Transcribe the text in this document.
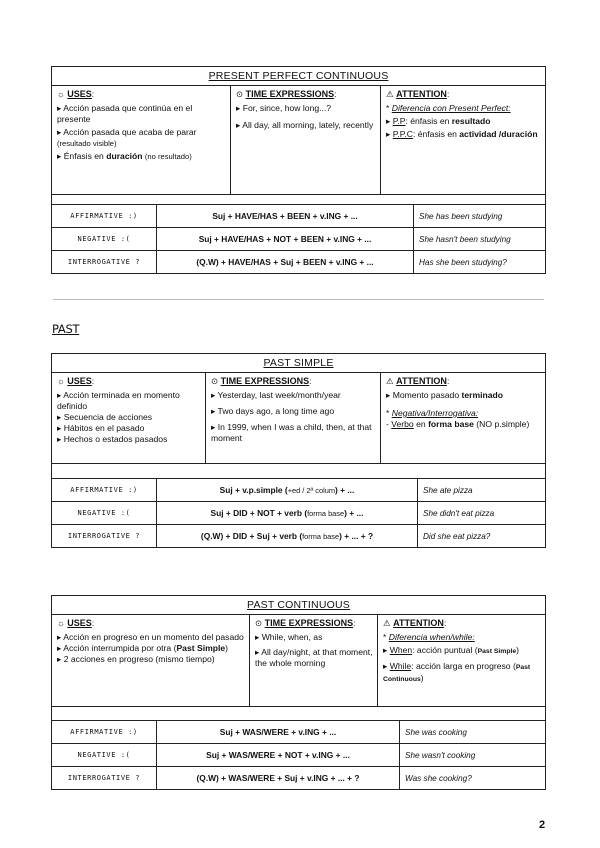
PRESENT PERFECT CONTINUOUS
☼ USES:

▸ Acción pasada que continúa en el presente

▸ Acción pasada que acaba de parar

(resultado visible)

▸ Énfasis en duración (no resultado)

⊙ TIME EXPRESSIONS:

▸ For, since, how long...?

▸ All day, all morning, lately, recently

⚠ ATTENTION:

* Diferencia con Present Perfect:

▸ P.P: énfasis en resultado

▸ P.P.C: énfasis en actividad /duración

AFFIRMATIVE :)	Suj + HAVE/HAS + BEEN + v.ING + ...	She has been studying
NEGATIVE :(	Suj + HAVE/HAS + NOT + BEEN + v.ING + ...	She hasn't been studying
INTERROGATIVE ?	(Q.W) + HAVE/HAS + Suj + BEEN + v.ING + ...	Has she been studying?
PAST
PAST SIMPLE
☼ USES:

▸ Acción terminada en momento definido

▸ Secuencia de acciones

▸ Hábitos en el pasado

▸ Hechos o estados pasados

⊙ TIME EXPRESSIONS:

▸ Yesterday, last week/month/year

▸ Two days ago, a long time ago

▸ In 1999, when I was a child, then, at that moment

⚠ ATTENTION:

▸ Momento pasado terminado

* Negativa/Interrogativa:

- Verbo en forma base (NO p.simple)

AFFIRMATIVE :)	Suj + v.p.simple ( +ed / 2ª colum ) + ...	She ate pizza
NEGATIVE :(	Suj + DID + NOT + verb ( forma base ) + ...	She didn't eat pizza
INTERROGATIVE ?	(Q.W) + DID + Suj + verb ( forma base ) + ... + ?	Did she eat pizza?
PAST CONTINUOUS
☼ USES:

▸ Acción en progreso en un momento del pasado

▸ Acción interrumpida por otra (Past Simple)

▸ 2 acciones en progreso (mismo tiempo)

⊙ TIME EXPRESSIONS:

▸ While, when, as

▸ All day/night, at that moment, the whole morning

⚠ ATTENTION:

* Diferencia when/while:

▸ When: acción puntual (Past Simple)

▸ While: acción larga en progreso (Past Continuous)

AFFIRMATIVE :)	Suj + WAS/WERE + v.ING + ...	She was cooking
NEGATIVE :(	Suj + WAS/WERE + NOT + v.ING + ...	She wasn't cooking
INTERROGATIVE ?	(Q.W) + WAS/WERE + Suj + v.ING + ... + ?	Was she cooking?
2
